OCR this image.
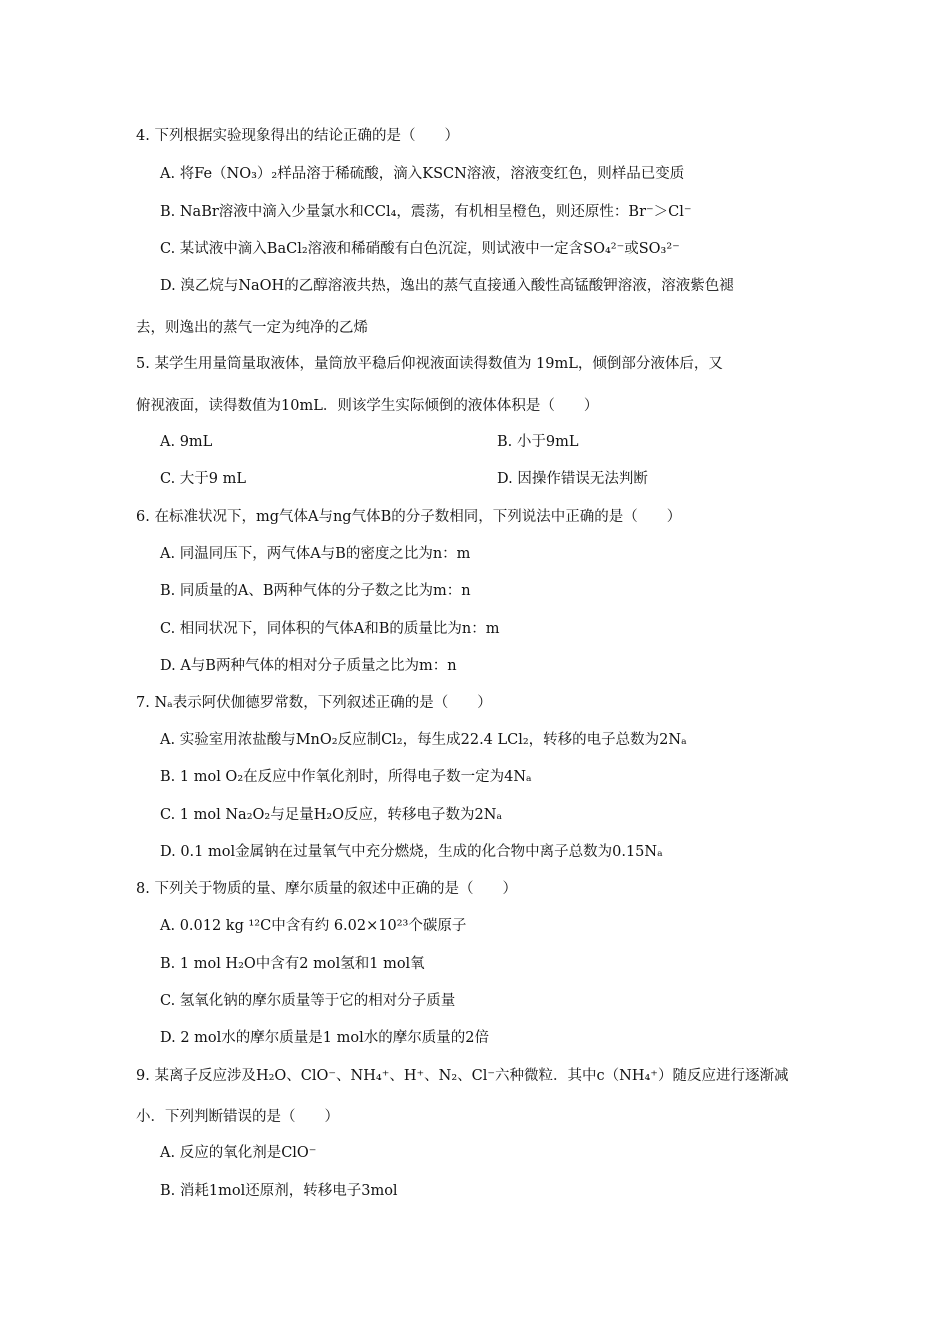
4. 下列根据实验现象得出的结论正确的是（　　）
A. 将Fe（NO₃）₂样品溶于稀硫酸，滴入KSCN溶液，溶液变红色，则样品已变质
B. NaBr溶液中滴入少量氯水和CCl₄，震荡，有机相呈橙色，则还原性：Br⁻＞Cl⁻
C. 某试液中滴入BaCl₂溶液和稀硝酸有白色沉淀，则试液中一定含SO₄²⁻或SO₃²⁻
D. 溴乙烷与NaOH的乙醇溶液共热，逸出的蒸气直接通入酸性高锰酸钾溶液，溶液紫色褪
去，则逸出的蒸气一定为纯净的乙烯
5. 某学生用量筒量取液体，量筒放平稳后仰视液面读得数值为 19mL，倾倒部分液体后，又
俯视液面，读得数值为10mL．则该学生实际倾倒的液体体积是（　　）
A. 9mL	B. 小于9mL
C. 大于9 mL	D. 因操作错误无法判断
6. 在标准状况下，mg气体A与ng气体B的分子数相同，下列说法中正确的是（　　）
A. 同温同压下，两气体A与B的密度之比为n：m
B. 同质量的A、B两种气体的分子数之比为m：n
C. 相同状况下，同体积的气体A和B的质量比为n：m
D. A与B两种气体的相对分子质量之比为m：n
7. Nₐ表示阿伏伽德罗常数，下列叙述正确的是（　　）
A. 实验室用浓盐酸与MnO₂反应制Cl₂，每生成22.4 LCl₂，转移的电子总数为2Nₐ
B. 1 mol O₂在反应中作氧化剂时，所得电子数一定为4Nₐ
C. 1 mol Na₂O₂与足量H₂O反应，转移电子数为2Nₐ
D. 0.1 mol金属钠在过量氧气中充分燃烧，生成的化合物中离子总数为0.15Nₐ
8. 下列关于物质的量、摩尔质量的叙述中正确的是（　　）
A. 0.012 kg ¹²C中含有约 6.02×10²³个碳原子
B. 1 mol H₂O中含有2 mol氢和1 mol氧
C. 氢氧化钠的摩尔质量等于它的相对分子质量
D. 2 mol水的摩尔质量是1 mol水的摩尔质量的2倍
9. 某离子反应涉及H₂O、ClO⁻、NH₄⁺、H⁺、N₂、Cl⁻六种微粒．其中c（NH₄⁺）随反应进行逐渐减
小．下列判断错误的是（　　）
A. 反应的氧化剂是ClO⁻
B. 消耗1mol还原剂，转移电子3mol
